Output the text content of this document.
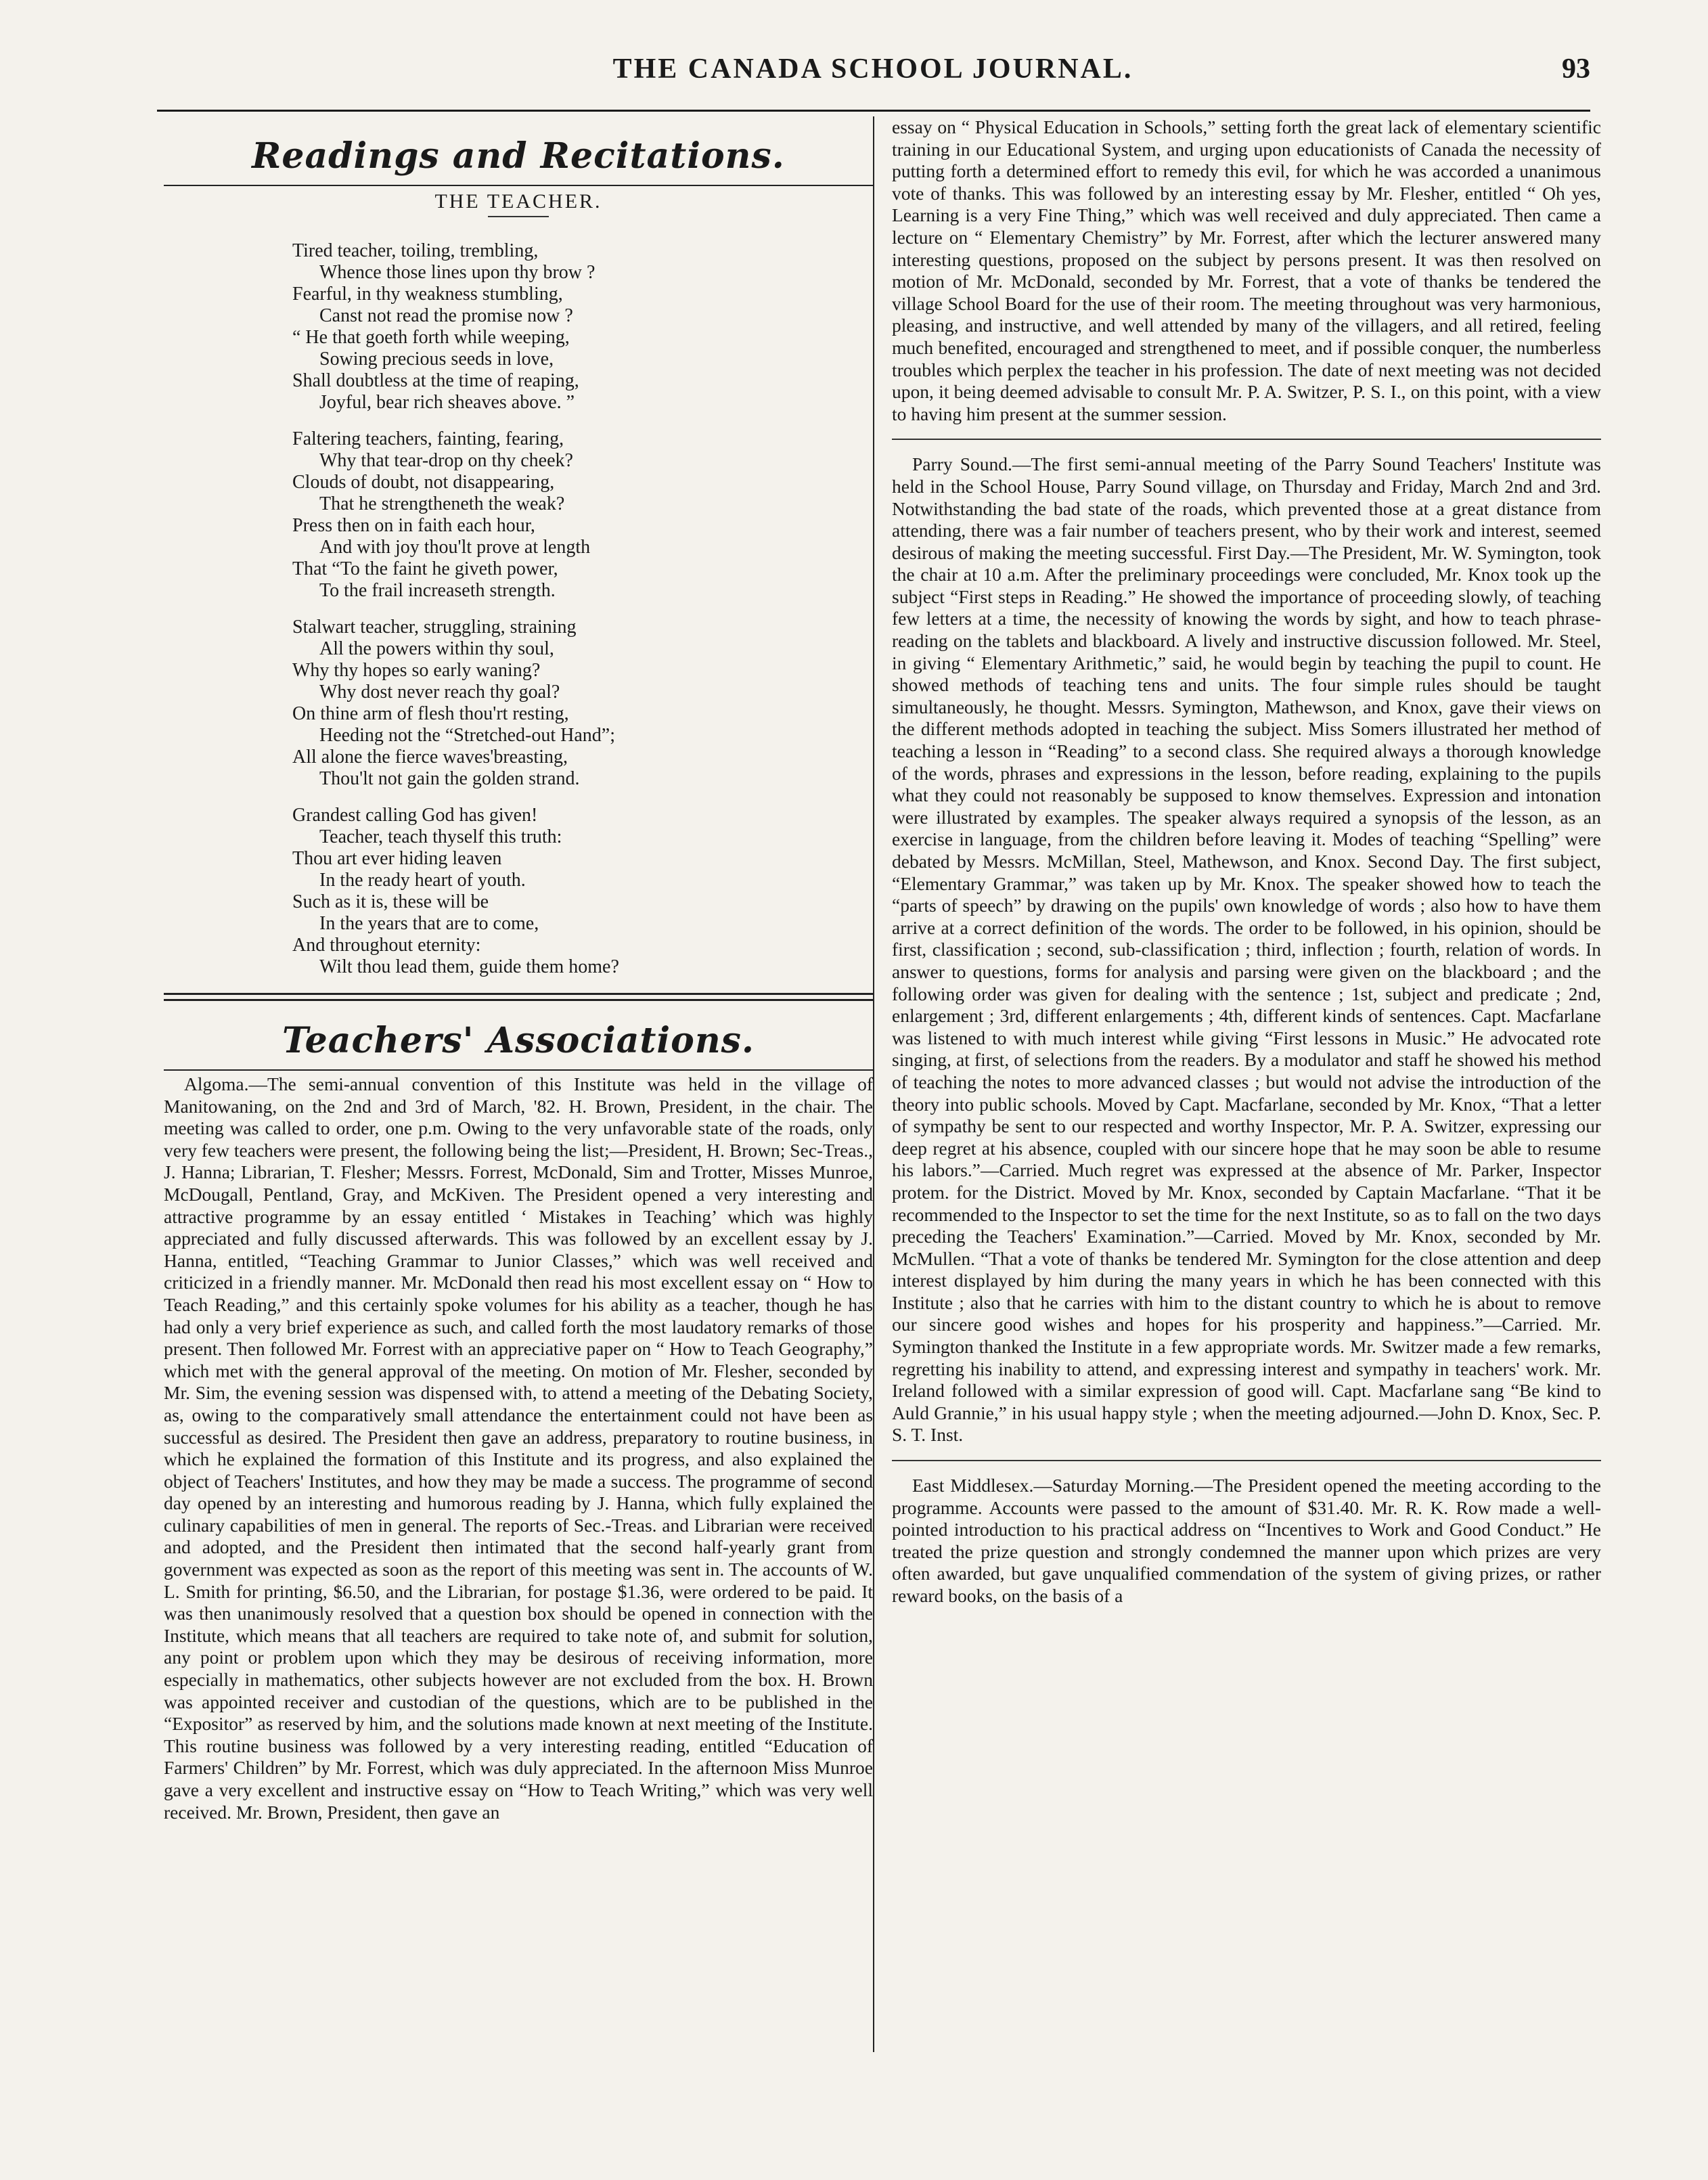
THE CANADA SCHOOL JOURNAL.	93
Readings and Recitations.
THE TEACHER.
Tired teacher, toiling, trembling,
Whence those lines upon thy brow ?
Fearful, in thy weakness stumbling,
Canst not read the promise now ?
“ He that goeth forth while weeping,
Sowing precious seeds in love,
Shall doubtless at the time of reaping,
Joyful, bear rich sheaves above. ”
Faltering teachers, fainting, fearing,
Why that tear-drop on thy cheek?
Clouds of doubt, not disappearing,
That he strengtheneth the weak?
Press then on in faith each hour,
And with joy thou'lt prove at length
That “To the faint he giveth power,
To the frail increaseth strength.
Stalwart teacher, struggling, straining
All the powers within thy soul,
Why thy hopes so early waning?
Why dost never reach thy goal?
On thine arm of flesh thou'rt resting,
Heeding not the “Stretched-out Hand”;
All alone the fierce waves'breasting,
Thou'lt not gain the golden strand.
Grandest calling God has given!
Teacher, teach thyself this truth:
Thou art ever hiding leaven
In the ready heart of youth.
Such as it is, these will be
In the years that are to come,
And throughout eternity:
Wilt thou lead them, guide them home?
Teachers' Associations.

Algoma.—The semi-annual convention of this Institute was held in the village of Manitowaning, on the 2nd and 3rd of March, '82. H. Brown, President, in the chair. The meeting was called to order, one p.m. Owing to the very unfavorable state of the roads, only very few teachers were present, the following being the list;—President, H. Brown; Sec-Treas., J. Hanna; Librarian, T. Flesher; Messrs. Forrest, McDonald, Sim and Trotter, Misses Munroe, McDougall, Pentland, Gray, and McKiven. The President opened a very interesting and attractive programme by an essay entitled ‘ Mistakes in Teaching’ which was highly appreciated and fully discussed afterwards. This was followed by an excellent essay by J. Hanna, entitled, “Teaching Grammar to Junior Classes,” which was well received and criticized in a friendly manner. Mr. McDonald then read his most excellent essay on “ How to Teach Reading,” and this certainly spoke volumes for his ability as a teacher, though he has had only a very brief experience as such, and called forth the most laudatory remarks of those present. Then followed Mr. Forrest with an appreciative paper on “ How to Teach Geography,” which met with the general approval of the meeting. On motion of Mr. Flesher, seconded by Mr. Sim, the evening session was dispensed with, to attend a meeting of the Debating Society, as, owing to the comparatively small attendance the entertainment could not have been as successful as desired. The President then gave an address, preparatory to routine business, in which he explained the formation of this Institute and its progress, and also explained the object of Teachers' Institutes, and how they may be made a success. The programme of second day opened by an interesting and humorous reading by J. Hanna, which fully explained the culinary capabilities of men in general. The reports of Sec.-Treas. and Librarian were received and adopted, and the President then intimated that the second half-yearly grant from government was expected as soon as the report of this meeting was sent in. The accounts of W. L. Smith for printing, $6.50, and the Librarian, for postage $1.36, were ordered to be paid. It was then unanimously resolved that a question box should be opened in connection with the Institute, which means that all teachers are required to take note of, and submit for solution, any point or problem upon which they may be desirous of receiving information, more especially in mathematics, other subjects however are not excluded from the box. H. Brown was appointed receiver and custodian of the questions, which are to be published in the “Expositor” as reserved by him, and the solutions made known at next meeting of the Institute. This routine business was followed by a very interesting reading, entitled “Education of Farmers' Children” by Mr. Forrest, which was duly appreciated. In the afternoon Miss Munroe gave a very excellent and instructive essay on “How to Teach Writing,” which was very well received. Mr. Brown, President, then gave an

essay on “ Physical Education in Schools,” setting forth the great lack of elementary scientific training in our Educational System, and urging upon educationists of Canada the necessity of putting forth a determined effort to remedy this evil, for which he was accorded a unanimous vote of thanks. This was followed by an interesting essay by Mr. Flesher, entitled “ Oh yes, Learning is a very Fine Thing,” which was well received and duly appreciated. Then came a lecture on “ Elementary Chemistry” by Mr. Forrest, after which the lecturer answered many interesting questions, proposed on the subject by persons present. It was then resolved on motion of Mr. McDonald, seconded by Mr. Forrest, that a vote of thanks be tendered the village School Board for the use of their room. The meeting throughout was very harmonious, pleasing, and instructive, and well attended by many of the villagers, and all retired, feeling much benefited, encouraged and strengthened to meet, and if possible conquer, the numberless troubles which perplex the teacher in his profession. The date of next meeting was not decided upon, it being deemed advisable to consult Mr. P. A. Switzer, P. S. I., on this point, with a view to having him present at the summer session.

Parry Sound.—The first semi-annual meeting of the Parry Sound Teachers' Institute was held in the School House, Parry Sound village, on Thursday and Friday, March 2nd and 3rd. Notwithstanding the bad state of the roads, which prevented those at a great distance from attending, there was a fair number of teachers present, who by their work and interest, seemed desirous of making the meeting successful. First Day.—The President, Mr. W. Symington, took the chair at 10 a.m. After the preliminary proceedings were concluded, Mr. Knox took up the subject “First steps in Reading.” He showed the importance of proceeding slowly, of teaching few letters at a time, the necessity of knowing the words by sight, and how to teach phrase-reading on the tablets and blackboard. A lively and instructive discussion followed. Mr. Steel, in giving “ Elementary Arithmetic,” said, he would begin by teaching the pupil to count. He showed methods of teaching tens and units. The four simple rules should be taught simultaneously, he thought. Messrs. Symington, Mathewson, and Knox, gave their views on the different methods adopted in teaching the subject. Miss Somers illustrated her method of teaching a lesson in “Reading” to a second class. She required always a thorough knowledge of the words, phrases and expressions in the lesson, before reading, explaining to the pupils what they could not reasonably be supposed to know themselves. Expression and intonation were illustrated by examples. The speaker always required a synopsis of the lesson, as an exercise in language, from the children before leaving it. Modes of teaching “Spelling” were debated by Messrs. McMillan, Steel, Mathewson, and Knox. Second Day. The first subject, “Elementary Grammar,” was taken up by Mr. Knox. The speaker showed how to teach the “parts of speech” by drawing on the pupils' own knowledge of words ; also how to have them arrive at a correct definition of the words. The order to be followed, in his opinion, should be first, classification ; second, sub-classification ; third, inflection ; fourth, relation of words. In answer to questions, forms for analysis and parsing were given on the blackboard ; and the following order was given for dealing with the sentence ; 1st, subject and predicate ; 2nd, enlargement ; 3rd, different enlargements ; 4th, different kinds of sentences. Capt. Macfarlane was listened to with much interest while giving “First lessons in Music.” He advocated rote singing, at first, of selections from the readers. By a modulator and staff he showed his method of teaching the notes to more advanced classes ; but would not advise the introduction of the theory into public schools. Moved by Capt. Macfarlane, seconded by Mr. Knox, “That a letter of sympathy be sent to our respected and worthy Inspector, Mr. P. A. Switzer, expressing our deep regret at his absence, coupled with our sincere hope that he may soon be able to resume his labors.”—Carried. Much regret was expressed at the absence of Mr. Parker, Inspector protem. for the District. Moved by Mr. Knox, seconded by Captain Macfarlane. “That it be recommended to the Inspector to set the time for the next Institute, so as to fall on the two days preceding the Teachers' Examination.”—Carried. Moved by Mr. Knox, seconded by Mr. McMullen. “That a vote of thanks be tendered Mr. Symington for the close attention and deep interest displayed by him during the many years in which he has been connected with this Institute ; also that he carries with him to the distant country to which he is about to remove our sincere good wishes and hopes for his prosperity and happiness.”—Carried. Mr. Symington thanked the Institute in a few appropriate words. Mr. Switzer made a few remarks, regretting his inability to attend, and expressing interest and sympathy in teachers' work. Mr. Ireland followed with a similar expression of good will. Capt. Macfarlane sang “Be kind to Auld Grannie,” in his usual happy style ; when the meeting adjourned.—John D. Knox, Sec. P. S. T. Inst.

East Middlesex.—Saturday Morning.—The President opened the meeting according to the programme. Accounts were passed to the amount of $31.40. Mr. R. K. Row made a well-pointed introduction to his practical address on “Incentives to Work and Good Conduct.” He treated the prize question and strongly condemned the manner upon which prizes are very often awarded, but gave unqualified commendation of the system of giving prizes, or rather reward books, on the basis of a
